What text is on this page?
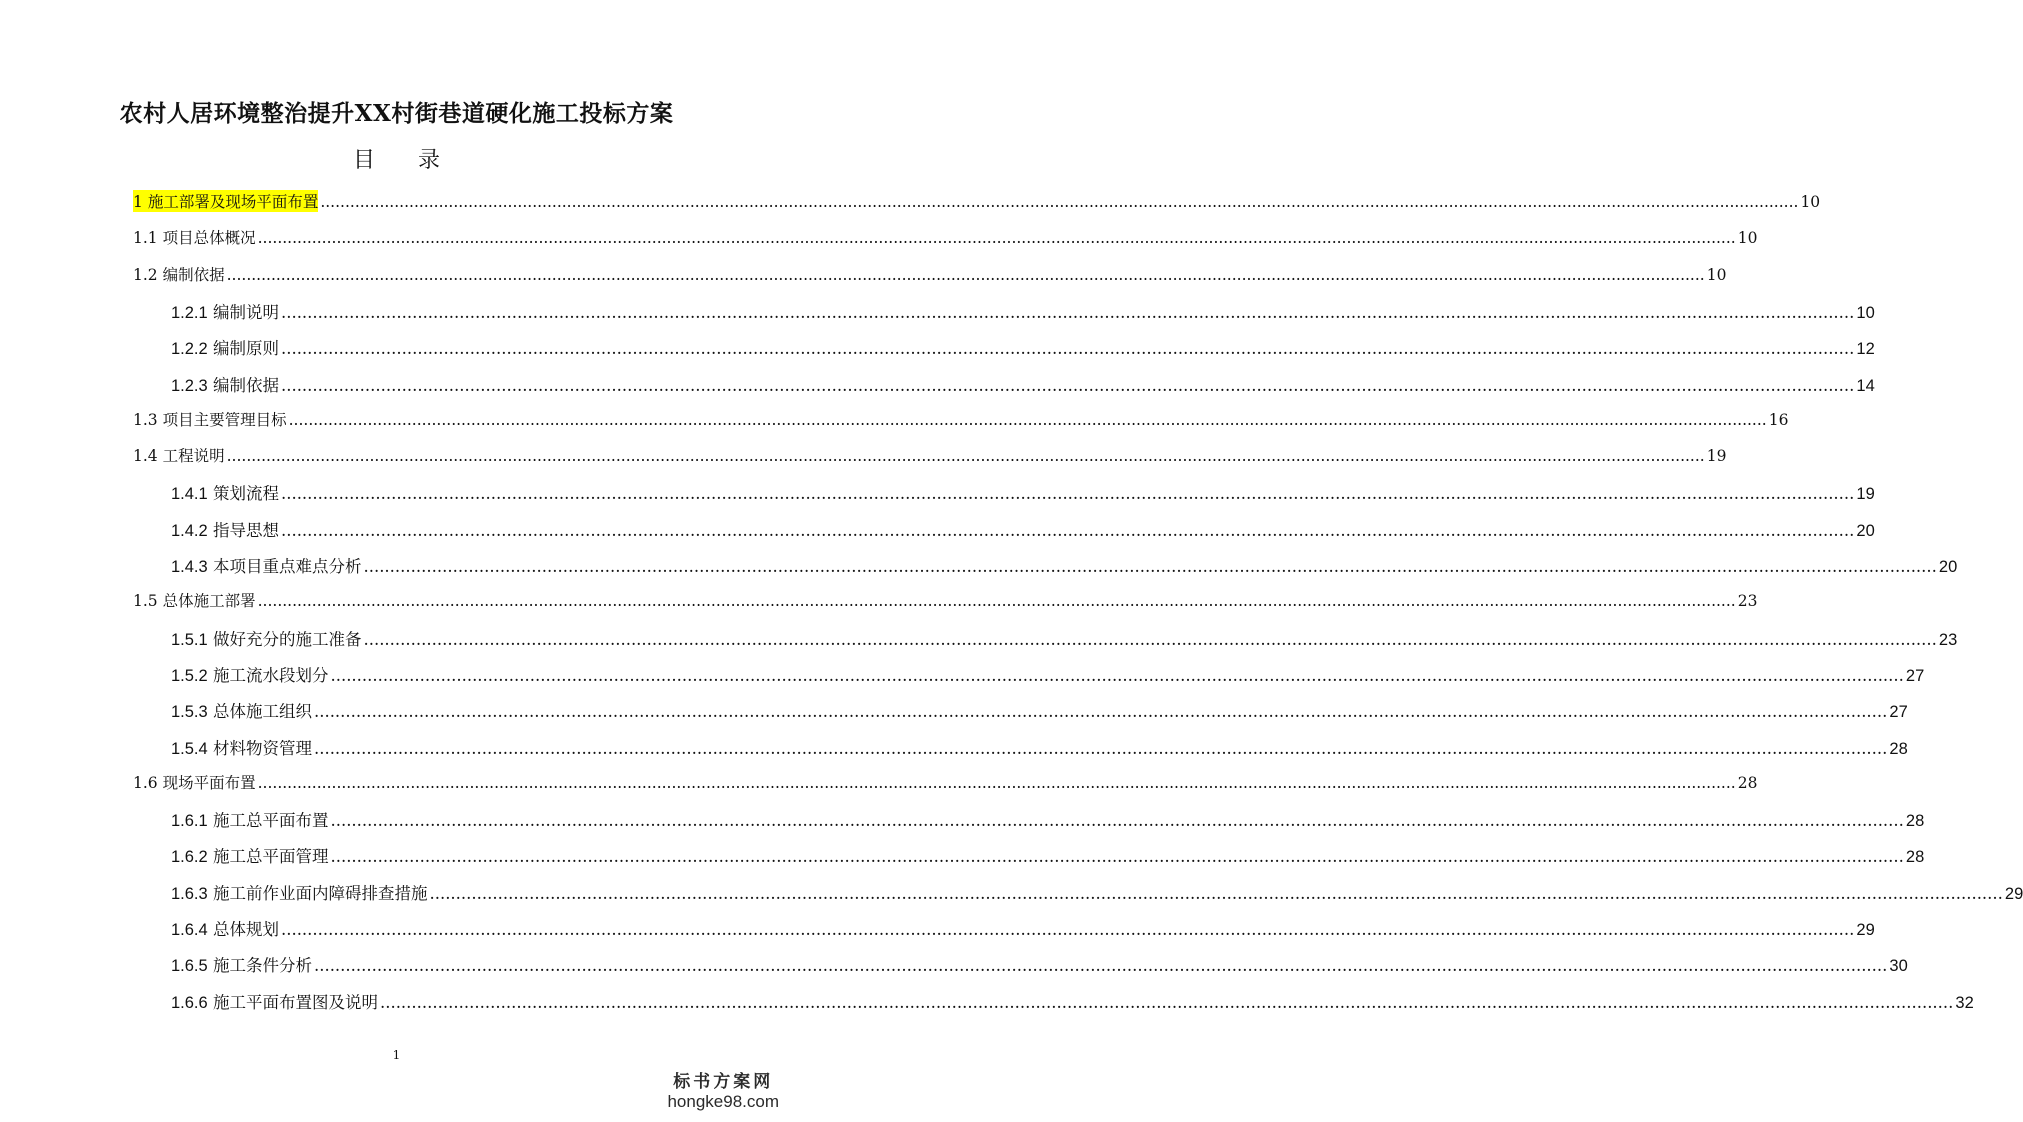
农村人居环境整治提升XX村街巷道硬化施工投标方案
目 录
1 施工部署及现场平面布置 ............................................................................................................................................................................................................................................................................................................ 10
1.1 项目总体概况 ............................................................................................................................................................................................................................................................................................................ 10
1.2 编制依据 ............................................................................................................................................................................................................................................................................................................ 10
1.2.1 编制说明 ............................................................................................................................................................................................................................................................................................................ 10
1.2.2 编制原则 ............................................................................................................................................................................................................................................................................................................ 12
1.2.3 编制依据 ............................................................................................................................................................................................................................................................................................................ 14
1.3 项目主要管理目标 ............................................................................................................................................................................................................................................................................................................ 16
1.4 工程说明 ............................................................................................................................................................................................................................................................................................................ 19
1.4.1 策划流程 ............................................................................................................................................................................................................................................................................................................ 19
1.4.2 指导思想 ............................................................................................................................................................................................................................................................................................................ 20
1.4.3 本项目重点难点分析 ............................................................................................................................................................................................................................................................................................................ 20
1.5 总体施工部署 ............................................................................................................................................................................................................................................................................................................ 23
1.5.1 做好充分的施工准备 ............................................................................................................................................................................................................................................................................................................ 23
1.5.2 施工流水段划分 ............................................................................................................................................................................................................................................................................................................ 27
1.5.3 总体施工组织 ............................................................................................................................................................................................................................................................................................................ 27
1.5.4 材料物资管理 ............................................................................................................................................................................................................................................................................................................ 28
1.6 现场平面布置 ............................................................................................................................................................................................................................................................................................................ 28
1.6.1 施工总平面布置 ............................................................................................................................................................................................................................................................................................................ 28
1.6.2 施工总平面管理 ............................................................................................................................................................................................................................................................................................................ 28
1.6.3 施工前作业面内障碍排查措施 ............................................................................................................................................................................................................................................................................................................ 29
1.6.4 总体规划 ............................................................................................................................................................................................................................................................................................................ 29
1.6.5 施工条件分析 ............................................................................................................................................................................................................................................................................................................ 30
1.6.6 施工平面布置图及说明 ............................................................................................................................................................................................................................................................................................................ 32
1
标书方案网
hongke98.com
